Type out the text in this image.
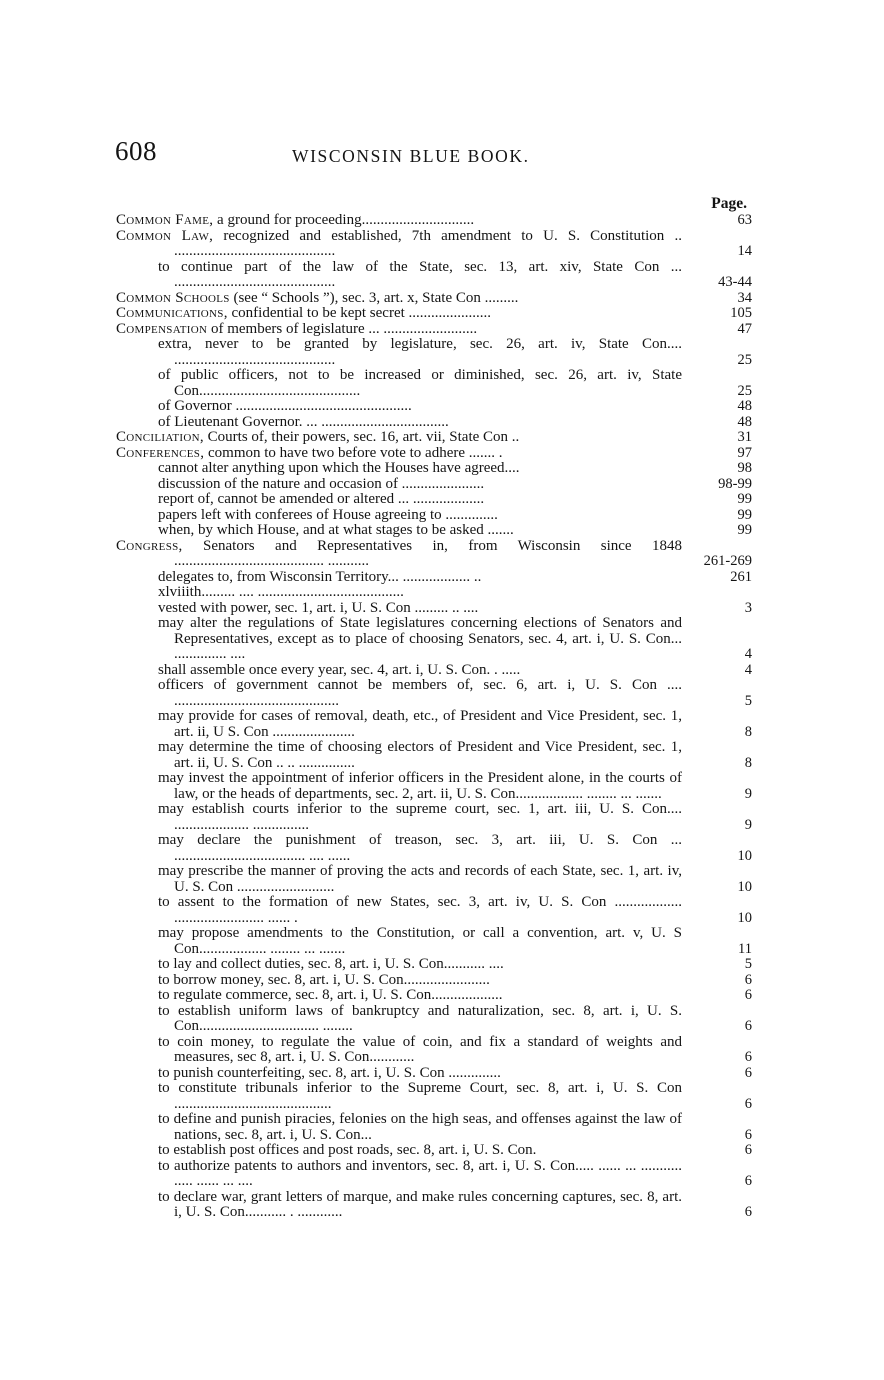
608	WISCONSIN BLUE BOOK.
Page.
Common Fame, a ground for proceeding..............................	63
Common Law, recognized and established, 7th amendment to U. S. Constitution .. ...........................................	14
to continue part of the law of the State, sec. 13, art. xiv, State Con ... ...........................................	43-44
Common Schools (see “ Schools ”), sec. 3, art. x, State Con .........	34
Communications, confidential to be kept secret ......................	105
Compensation of members of legislature ... .........................	47
extra, never to be granted by legislature, sec. 26, art. iv, State Con.... ...........................................	25
of public officers, not to be increased or diminished, sec. 26, art. iv, State Con...........................................	25
of Governor ...............................................	48
of Lieutenant Governor. ... ..................................	48
Conciliation, Courts of, their powers, sec. 16, art. vii, State Con ..	31
Conferences, common to have two before vote to adhere ....... .	97
cannot alter anything upon which the Houses have agreed....	98
discussion of the nature and occasion of ......................	98-99
report of, cannot be amended or altered ... ...................	99
papers left with conferees of House agreeing to ..............	99
when, by which House, and at what stages to be asked .......	99
Congress, Senators and Representatives in, from Wisconsin since 1848 ........................................ ...........	261-269
delegates to, from Wisconsin Territory... .................. ..	261
xlviiith......... .... .......................................
vested with power, sec. 1, art. i, U. S. Con ......... .. ....	3
may alter the regulations of State legislatures concerning elections of Senators and Representatives, except as to place of choosing Senators, sec. 4, art. i, U. S. Con... .............. ....	4
shall assemble once every year, sec. 4, art. i, U. S. Con. . .....	4
officers of government cannot be members of, sec. 6, art. i, U. S. Con .... ............................................	5
may provide for cases of removal, death, etc., of President and Vice President, sec. 1, art. ii, U S. Con ......................	8
may determine the time of choosing electors of President and Vice President, sec. 1, art. ii, U. S. Con .. .. ...............	8
may invest the appointment of inferior officers in the President alone, in the courts of law, or the heads of departments, sec. 2, art. ii, U. S. Con.................. ........ ... .......	9
may establish courts inferior to the supreme court, sec. 1, art. iii, U. S. Con.... .................... ...............	9
may declare the punishment of treason, sec. 3, art. iii, U. S. Con ... ................................... .... ......	10
may prescribe the manner of proving the acts and records of each State, sec. 1, art. iv, U. S. Con ..........................	10
to assent to the formation of new States, sec. 3, art. iv, U. S. Con .................. ........................ ...... .	10
may propose amendments to the Constitution, or call a convention, art. v, U. S Con.................. ........ ... .......	11
to lay and collect duties, sec. 8, art. i, U. S. Con........... ....	5
to borrow money, sec. 8, art. i, U. S. Con.......................	6
to regulate commerce, sec. 8, art. i, U. S. Con...................	6
to establish uniform laws of bankruptcy and naturalization, sec. 8, art. i, U. S. Con................................ ........	6
to coin money, to regulate the value of coin, and fix a standard of weights and measures, sec 8, art. i, U. S. Con............	6
to punish counterfeiting, sec. 8, art. i, U. S. Con ..............	6
to constitute tribunals inferior to the Supreme Court, sec. 8, art. i, U. S. Con ..........................................	6
to define and punish piracies, felonies on the high seas, and offenses against the law of nations, sec. 8, art. i, U. S. Con...	6
to establish post offices and post roads, sec. 8, art. i, U. S. Con.	6
to authorize patents to authors and inventors, sec. 8, art. i, U. S. Con..... ...... ... ........... ..... ...... ... ....	6
to declare war, grant letters of marque, and make rules concerning captures, sec. 8, art. i, U. S. Con........... . ............	6
